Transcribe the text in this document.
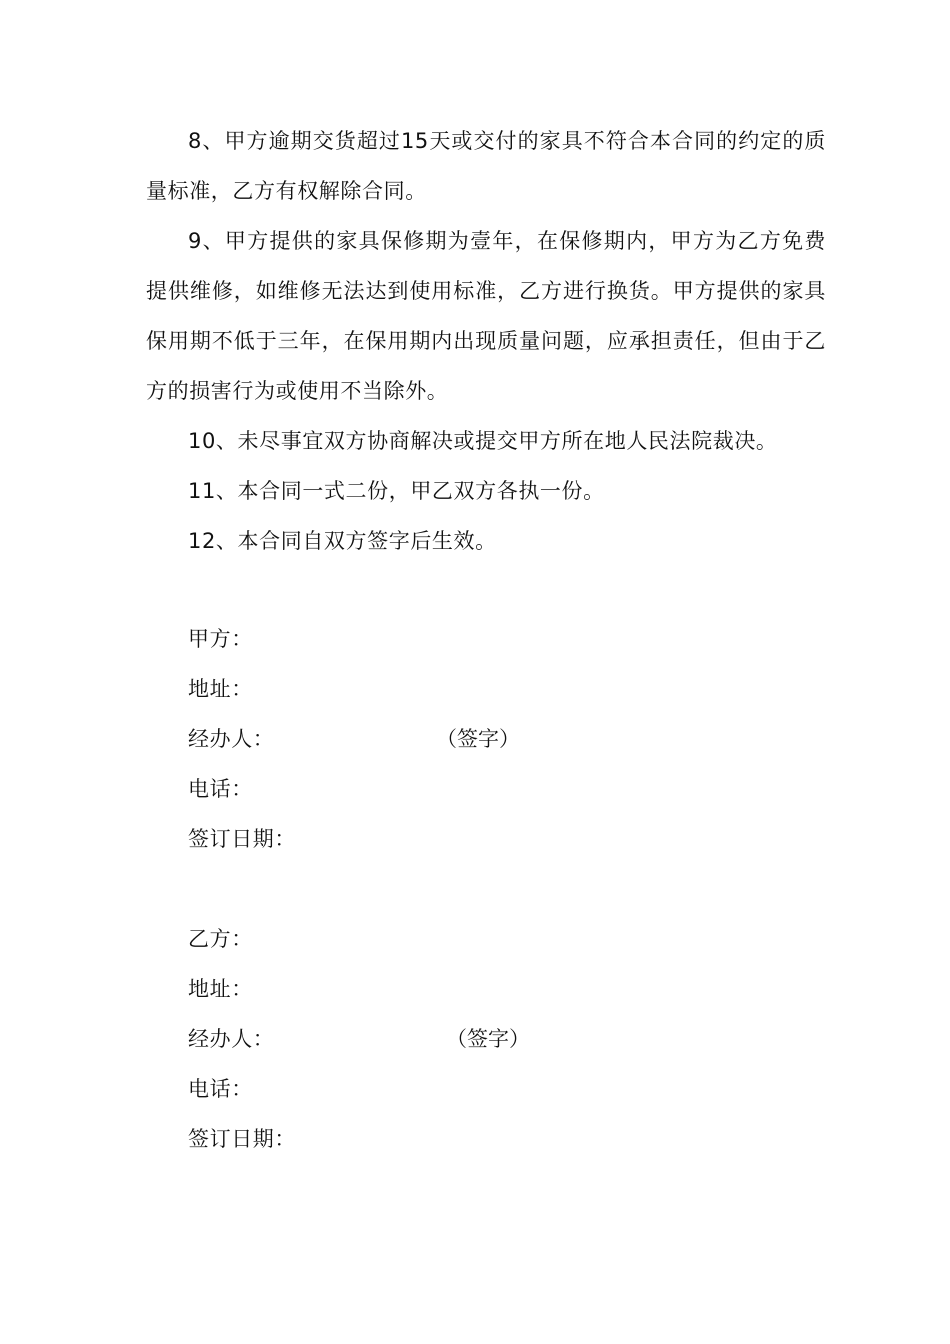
8、甲方逾期交货超过15天或交付的家具不符合本合同的约定的质量标准，乙方有权解除合同。

9、甲方提供的家具保修期为壹年，在保修期内，甲方为乙方免费提供维修，如维修无法达到使用标准，乙方进行换货。甲方提供的家具保用期不低于三年，在保用期内出现质量问题，应承担责任，但由于乙方的损害行为或使用不当除外。

10、未尽事宜双方协商解决或提交甲方所在地人民法院裁决。

11、本合同一式二份，甲乙双方各执一份。

12、本合同自双方签字后生效。

甲方：
地址：
经办人：	（签字）
电话：
签订日期：
乙方：
地址：
经办人：	（签字）
电话：
签订日期：
